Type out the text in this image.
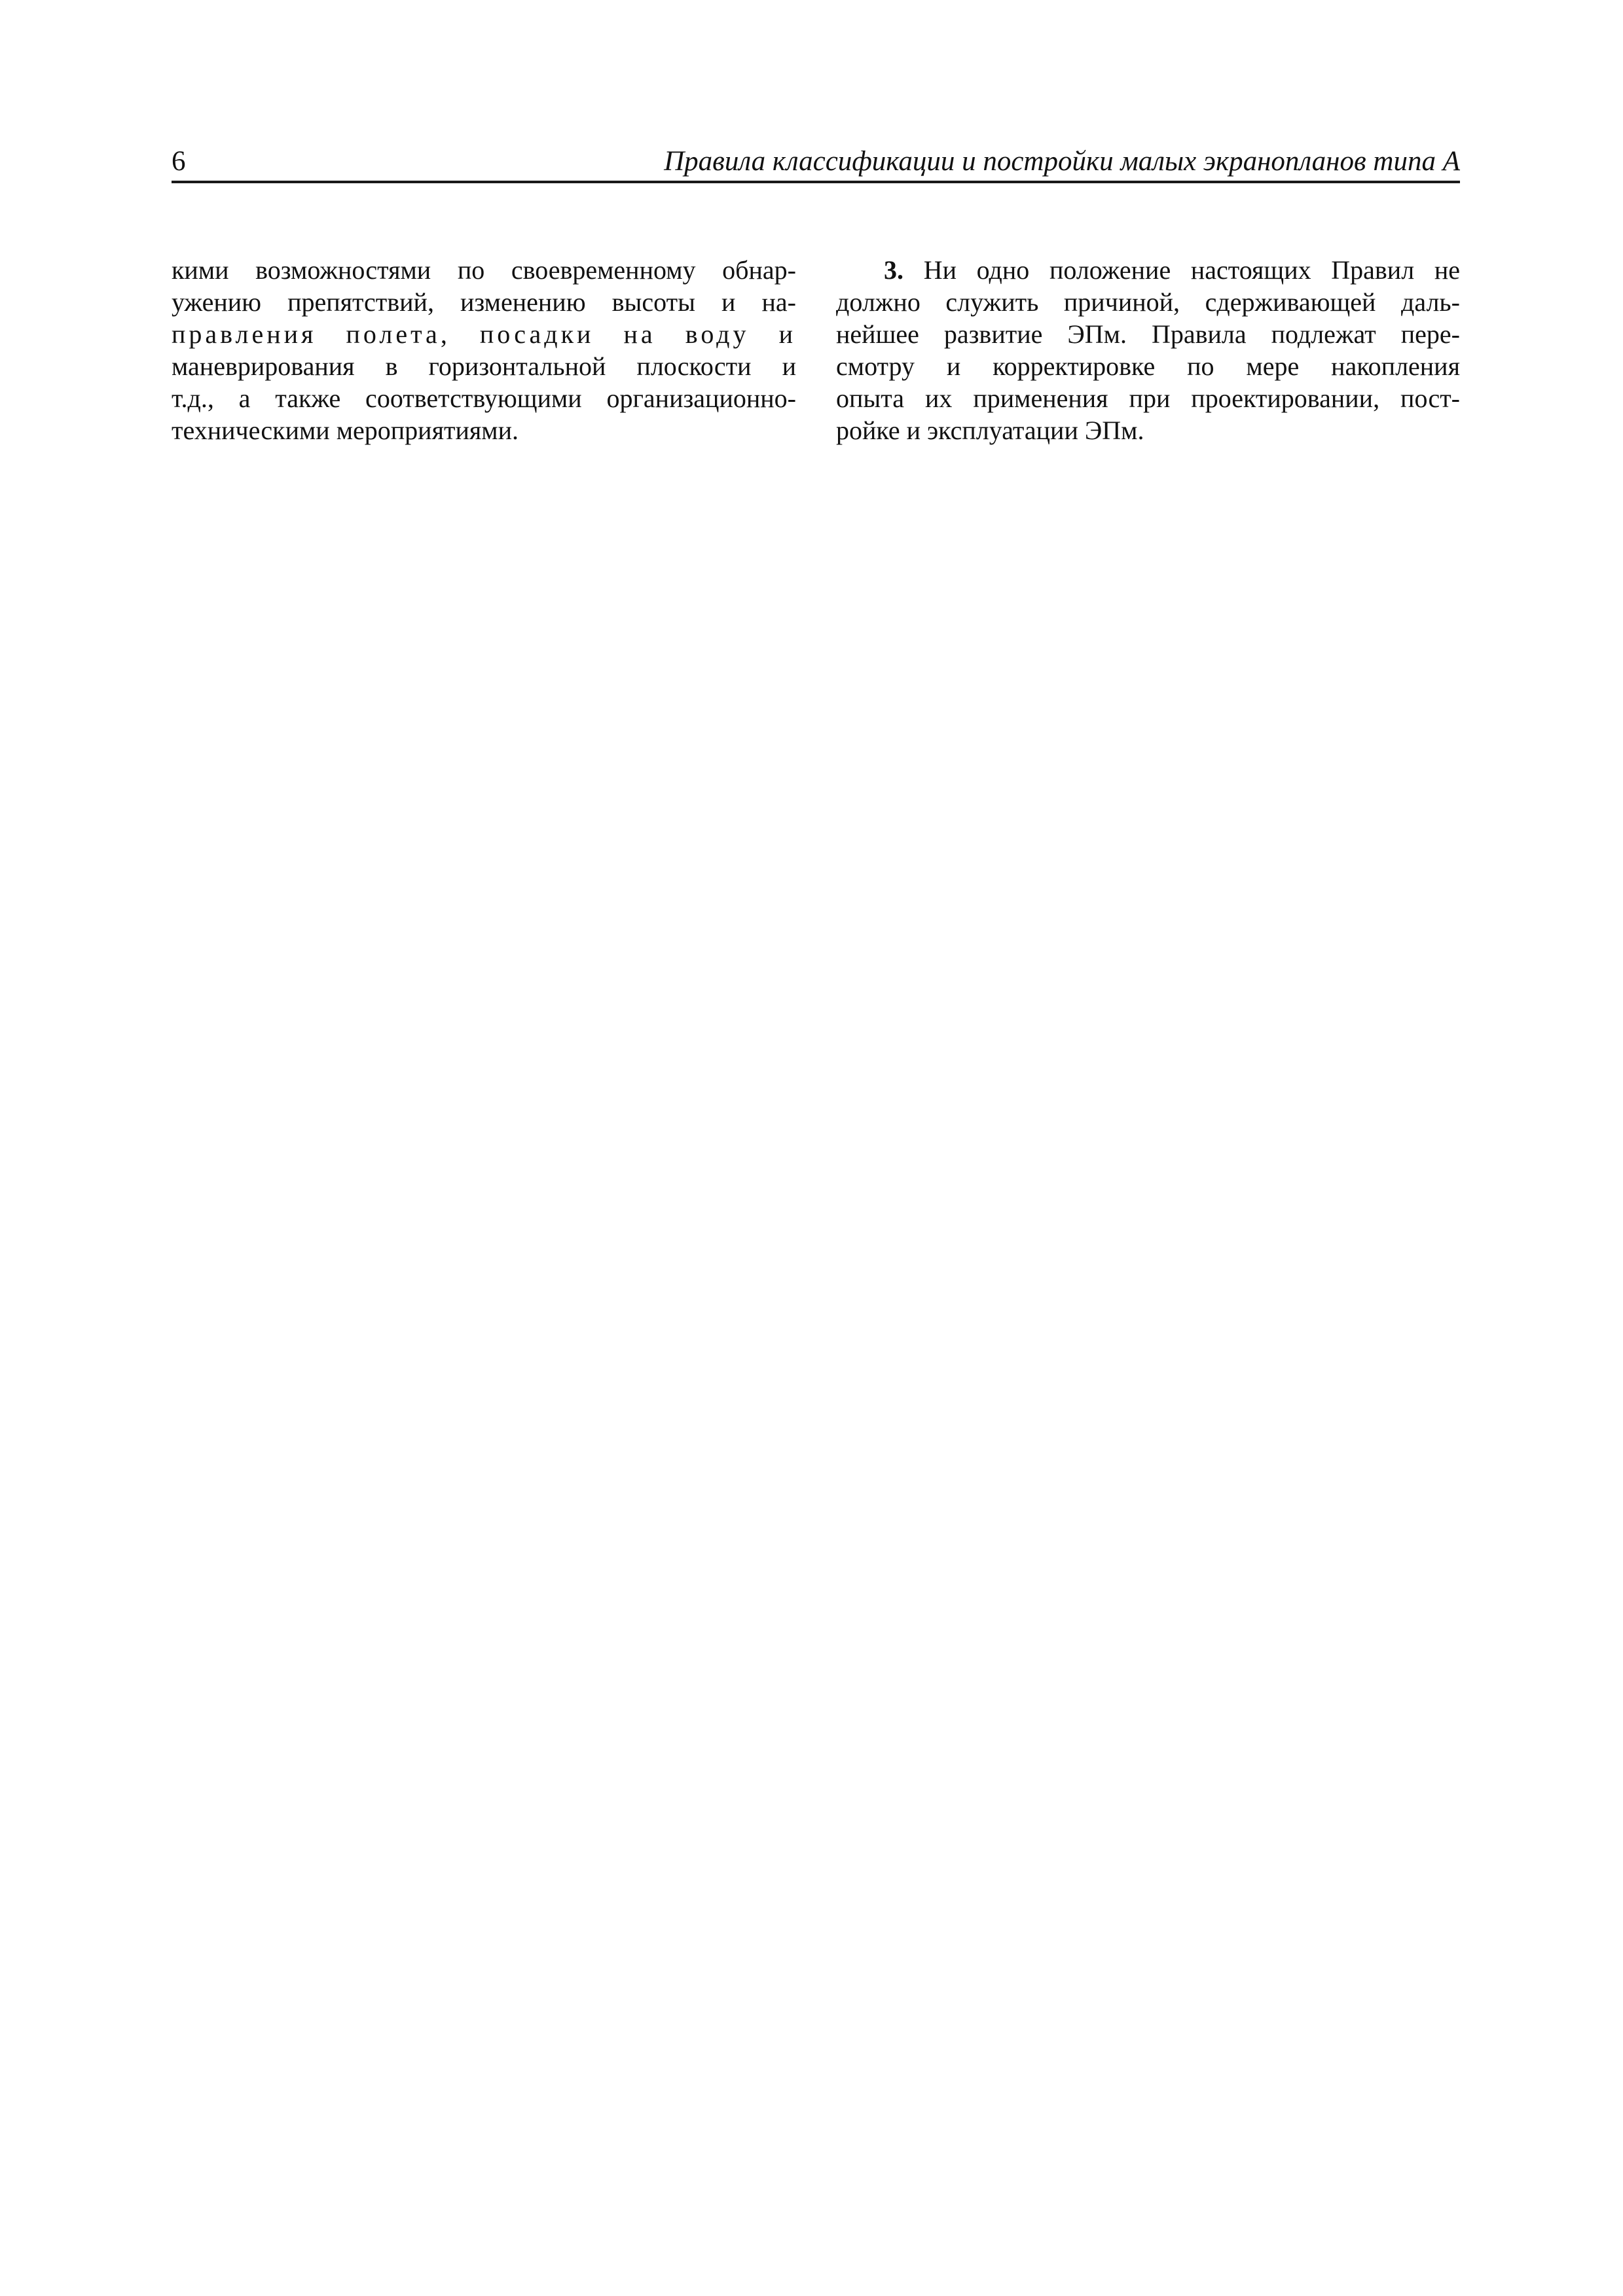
6	Правила классификации и постройки малых экранопланов типа A
кими возможностями по своевременному обнар-
ужению препятствий, изменению высоты и на-
правления полета, посадки на воду и
маневрирования в горизонтальной плоскости и
т.д., а также соответствующими организационно-
техническими мероприятиями.
3. Ни одно положение настоящих Правил не
должно служить причиной, сдерживающей даль-
нейшее развитие ЭПм. Правила подлежат пере-
смотру и корректировке по мере накопления
опыта их применения при проектировании, пост-
ройке и эксплуатации ЭПм.
